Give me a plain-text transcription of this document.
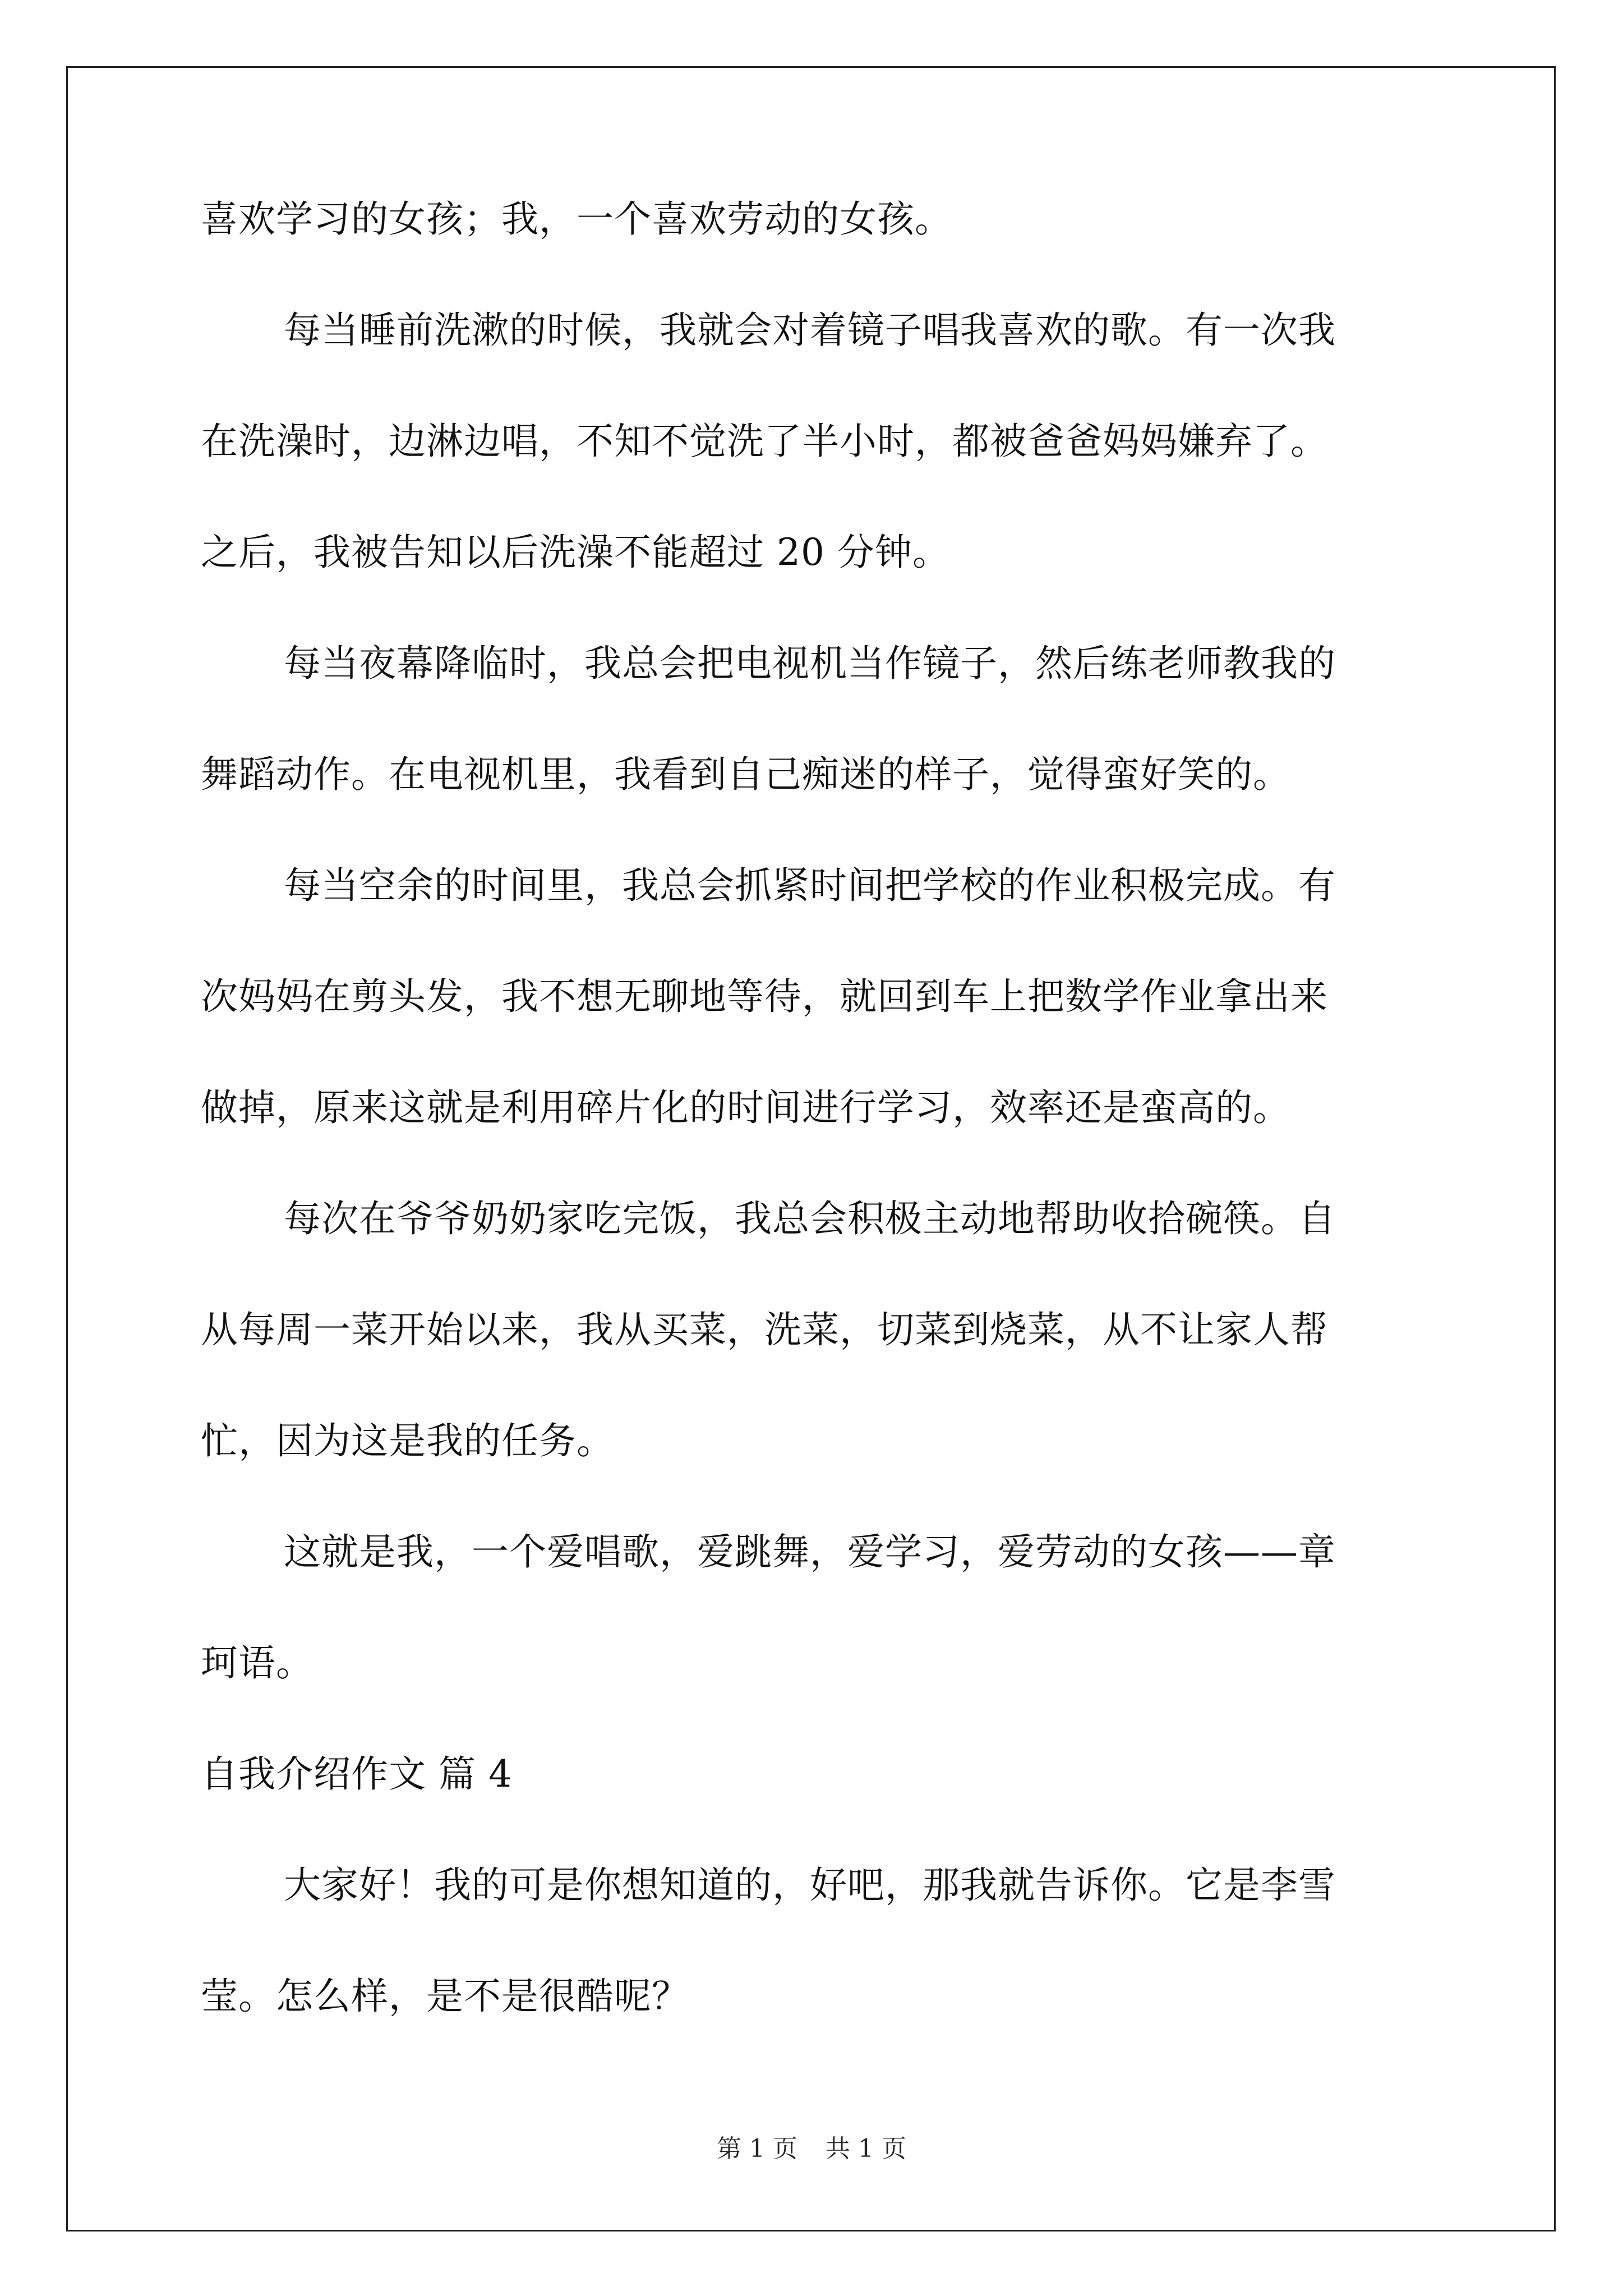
喜欢学习的女孩；我，一个喜欢劳动的女孩。
每当睡前洗漱的时候，我就会对着镜子唱我喜欢的歌。有一次我
在洗澡时，边淋边唱，不知不觉洗了半小时，都被爸爸妈妈嫌弃了。
之后，我被告知以后洗澡不能超过 20 分钟。
每当夜幕降临时，我总会把电视机当作镜子，然后练老师教我的
舞蹈动作。在电视机里，我看到自己痴迷的样子，觉得蛮好笑的。
每当空余的时间里，我总会抓紧时间把学校的作业积极完成。有
次妈妈在剪头发，我不想无聊地等待，就回到车上把数学作业拿出来
做掉，原来这就是利用碎片化的时间进行学习，效率还是蛮高的。
每次在爷爷奶奶家吃完饭，我总会积极主动地帮助收拾碗筷。自
从每周一菜开始以来，我从买菜，洗菜，切菜到烧菜，从不让家人帮
忙，因为这是我的任务。
这就是我，一个爱唱歌，爱跳舞，爱学习，爱劳动的女孩——章
珂语。
自我介绍作文 篇 4
大家好！我的可是你想知道的，好吧，那我就告诉你。它是李雪
莹。怎么样，是不是很酷呢？
第 1 页 共 1 页
